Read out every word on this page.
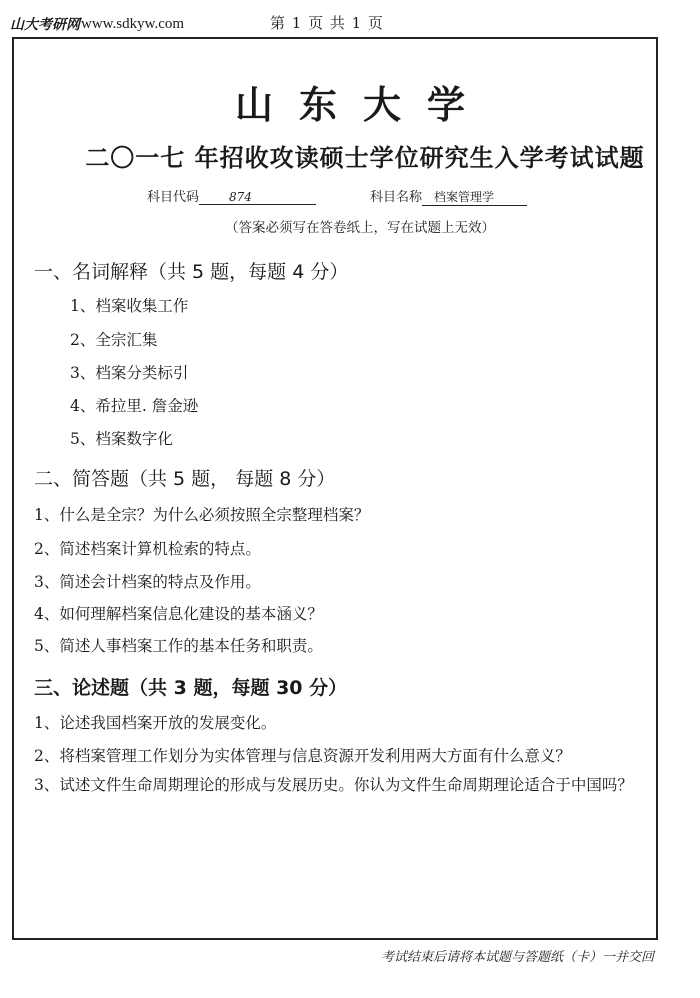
山大考研网 www.sdkyw.com	第 1 页 共 1 页
山东大学
二〇一七 年招收攻读硕士学位研究生入学考试试题
科目代码	874	科目名称 档案管理学
（答案必须写在答卷纸上，写在试题上无效）
一、名词解释（共 5 题，每题 4 分）
1、档案收集工作
2、全宗汇集
3、档案分类标引
4、希拉里. 詹金逊
5、档案数字化
二、简答题（共 5 题， 每题 8 分）
1、什么是全宗？为什么必须按照全宗整理档案？
2、简述档案计算机检索的特点。
3、简述会计档案的特点及作用。
4、如何理解档案信息化建设的基本涵义？
5、简述人事档案工作的基本任务和职责。
三、论述题（共 3 题，每题 30 分）
1、论述我国档案开放的发展变化。
2、将档案管理工作划分为实体管理与信息资源开发利用两大方面有什么意义？
3、试述文件生命周期理论的形成与发展历史。你认为文件生命周期理论适合于中国吗？
考试结束后请将本试题与答题纸（卡）一并交回
